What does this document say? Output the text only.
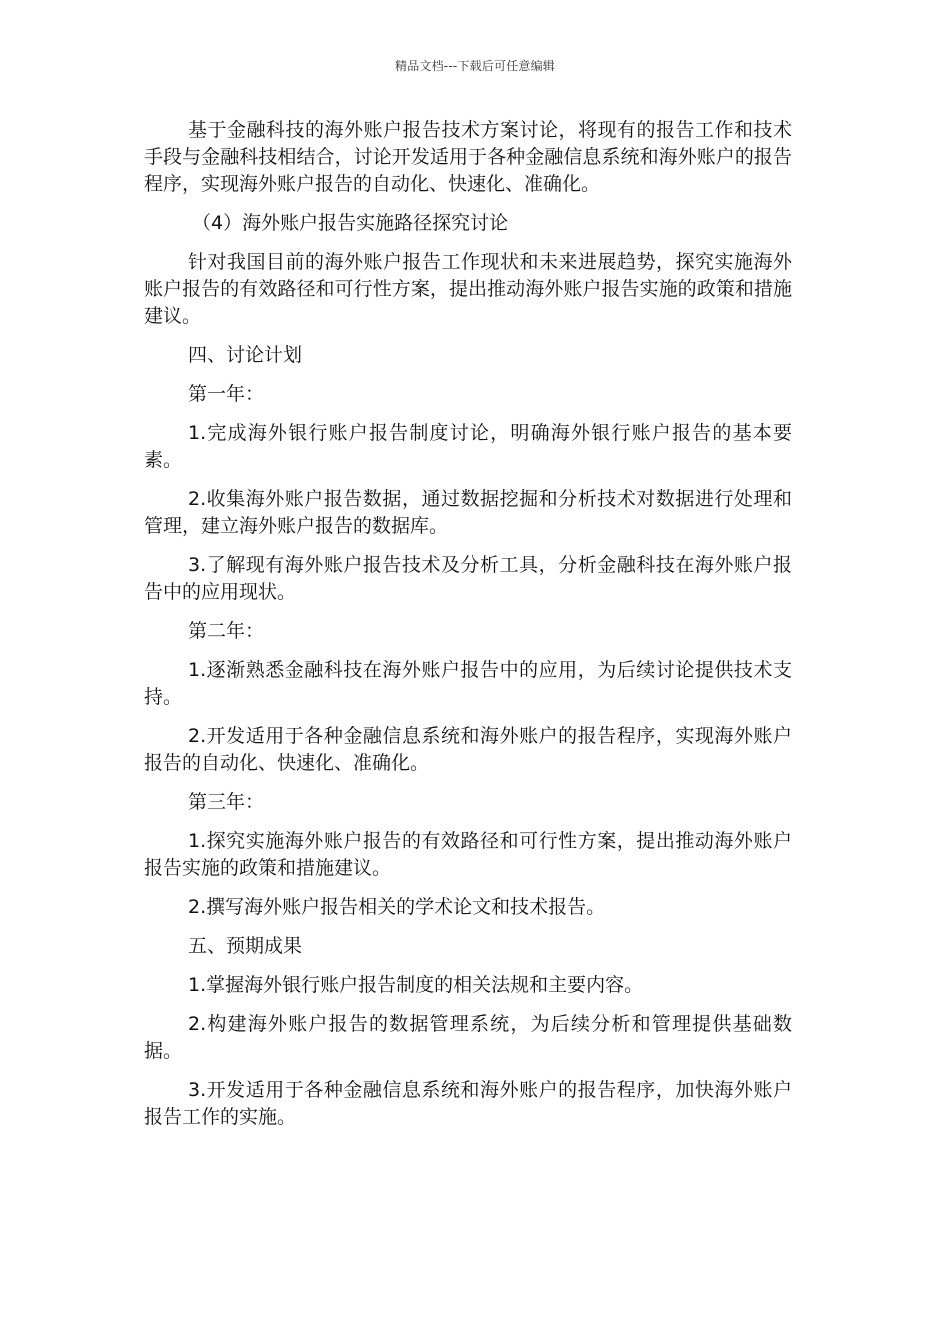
精品文档---下载后可任意编辑

基于金融科技的海外账户报告技术方案讨论，将现有的报告工作和技术手段与金融科技相结合，讨论开发适用于各种金融信息系统和海外账户的报告程序，实现海外账户报告的自动化、快速化、准确化。

（4）海外账户报告实施路径探究讨论

针对我国目前的海外账户报告工作现状和未来进展趋势，探究实施海外账户报告的有效路径和可行性方案，提出推动海外账户报告实施的政策和措施建议。

四、讨论计划

第一年：

1.完成海外银行账户报告制度讨论，明确海外银行账户报告的基本要素。

2.收集海外账户报告数据，通过数据挖掘和分析技术对数据进行处理和管理，建立海外账户报告的数据库。

3.了解现有海外账户报告技术及分析工具，分析金融科技在海外账户报告中的应用现状。

第二年：

1.逐渐熟悉金融科技在海外账户报告中的应用，为后续讨论提供技术支持。

2.开发适用于各种金融信息系统和海外账户的报告程序，实现海外账户报告的自动化、快速化、准确化。

第三年：

1.探究实施海外账户报告的有效路径和可行性方案，提出推动海外账户报告实施的政策和措施建议。

2.撰写海外账户报告相关的学术论文和技术报告。

五、预期成果

1.掌握海外银行账户报告制度的相关法规和主要内容。

2.构建海外账户报告的数据管理系统，为后续分析和管理提供基础数据。

3.开发适用于各种金融信息系统和海外账户的报告程序，加快海外账户报告工作的实施。
